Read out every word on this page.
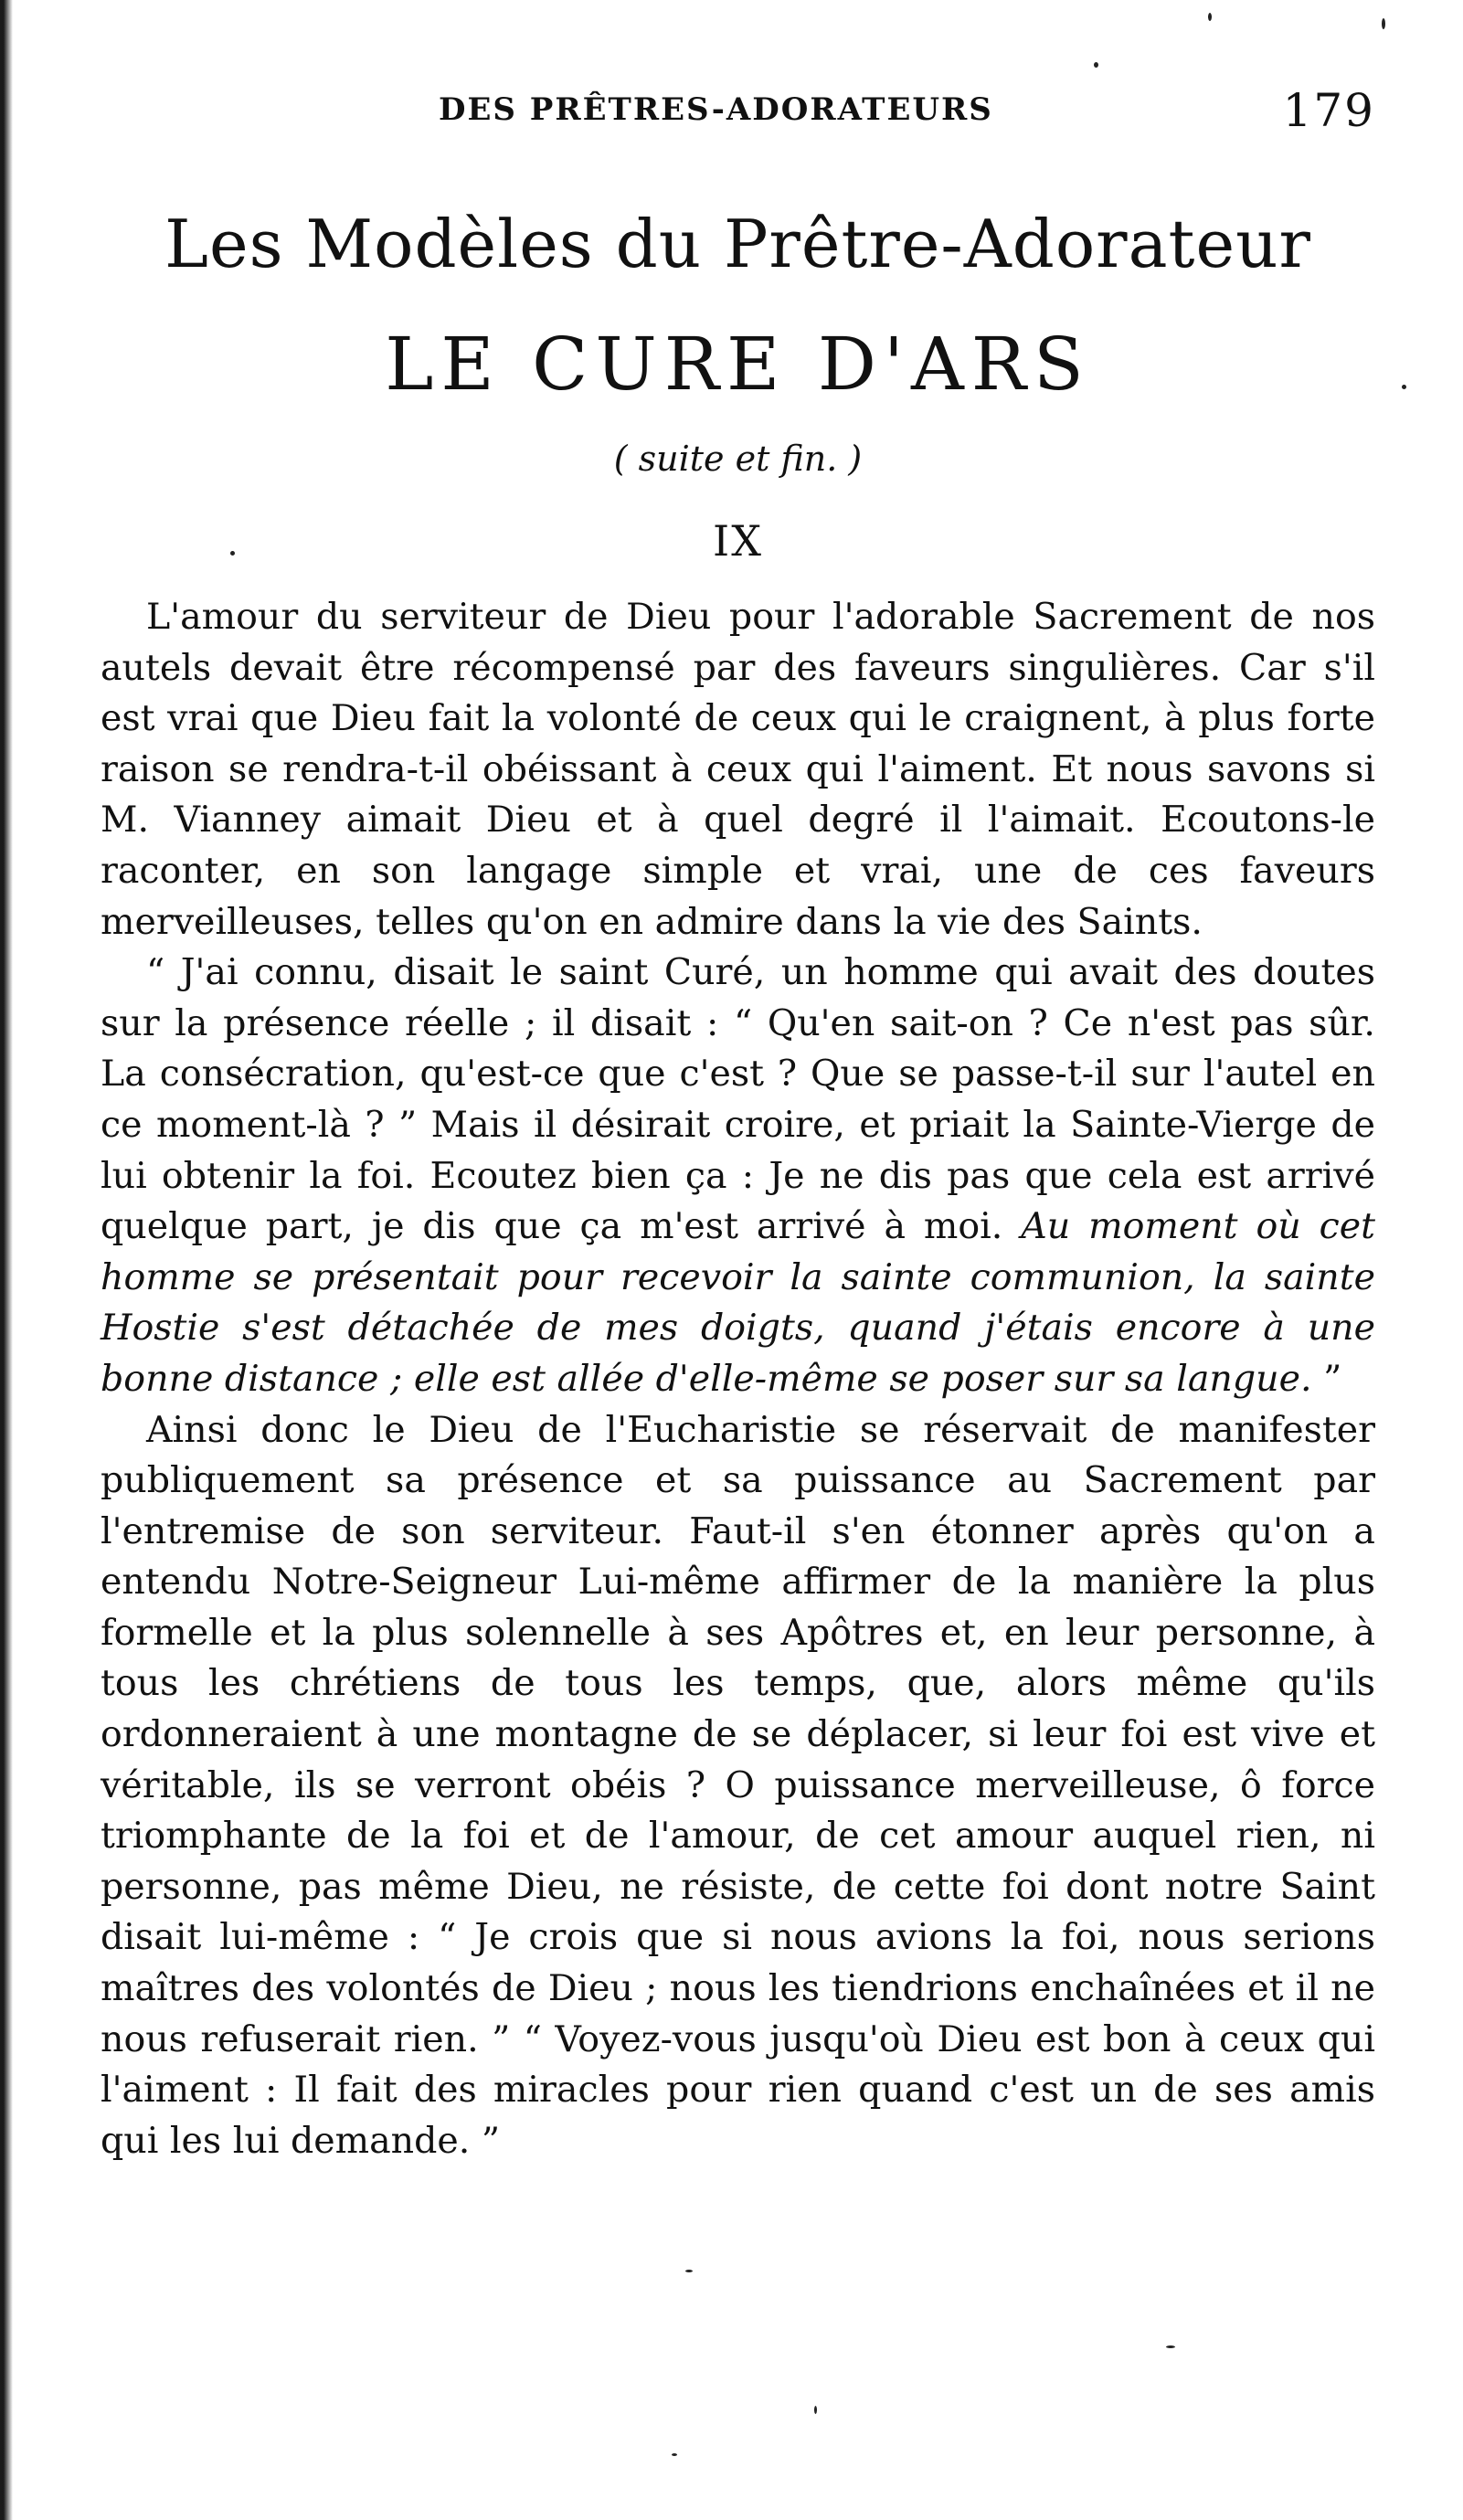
DES PRÊTRES-ADORATEURS	179
Les Modèles du Prêtre-Adorateur
LE CURE D'ARS
( suite et fin. )
IX

L'amour du serviteur de Dieu pour l'adorable Sacrement de nos autels devait être récompensé par des faveurs singulières. Car s'il est vrai que Dieu fait la volonté de ceux qui le craignent, à plus forte raison se rendra-t-il obéissant à ceux qui l'aiment. Et nous savons si M. Vianney aimait Dieu et à quel degré il l'aimait. Ecoutons-le raconter, en son langage simple et vrai, une de ces faveurs merveilleuses, telles qu'on en admire dans la vie des Saints.

“ J'ai connu, disait le saint Curé, un homme qui avait des doutes sur la présence réelle ; il disait : “ Qu'en sait-on ? Ce n'est pas sûr. La consécration, qu'est-ce que c'est ? Que se passe-t-il sur l'autel en ce moment-là ? ” Mais il désirait croire, et priait la Sainte-Vierge de lui obtenir la foi. Ecoutez bien ça : Je ne dis pas que cela est arrivé quelque part, je dis que ça m'est arrivé à moi. Au moment où cet homme se présentait pour recevoir la sainte communion, la sainte Hostie s'est détachée de mes doigts, quand j'étais encore à une bonne distance ; elle est allée d'elle-même se poser sur sa langue. ”

Ainsi donc le Dieu de l'Eucharistie se réservait de manifester publiquement sa présence et sa puissance au Sacrement par l'entremise de son serviteur. Faut-il s'en étonner après qu'on a entendu Notre-Seigneur Lui-même affirmer de la manière la plus formelle et la plus solennelle à ses Apôtres et, en leur personne, à tous les chrétiens de tous les temps, que, alors même qu'ils ordonneraient à une montagne de se déplacer, si leur foi est vive et véritable, ils se verront obéis ? O puissance merveilleuse, ô force triomphante de la foi et de l'amour, de cet amour auquel rien, ni personne, pas même Dieu, ne résiste, de cette foi dont notre Saint disait lui-même : “ Je crois que si nous avions la foi, nous serions maîtres des volontés de Dieu ; nous les tiendrions enchaînées et il ne nous refuserait rien. ” “ Voyez-vous jusqu'où Dieu est bon à ceux qui l'aiment : Il fait des miracles pour rien quand c'est un de ses amis qui les lui demande. ”
